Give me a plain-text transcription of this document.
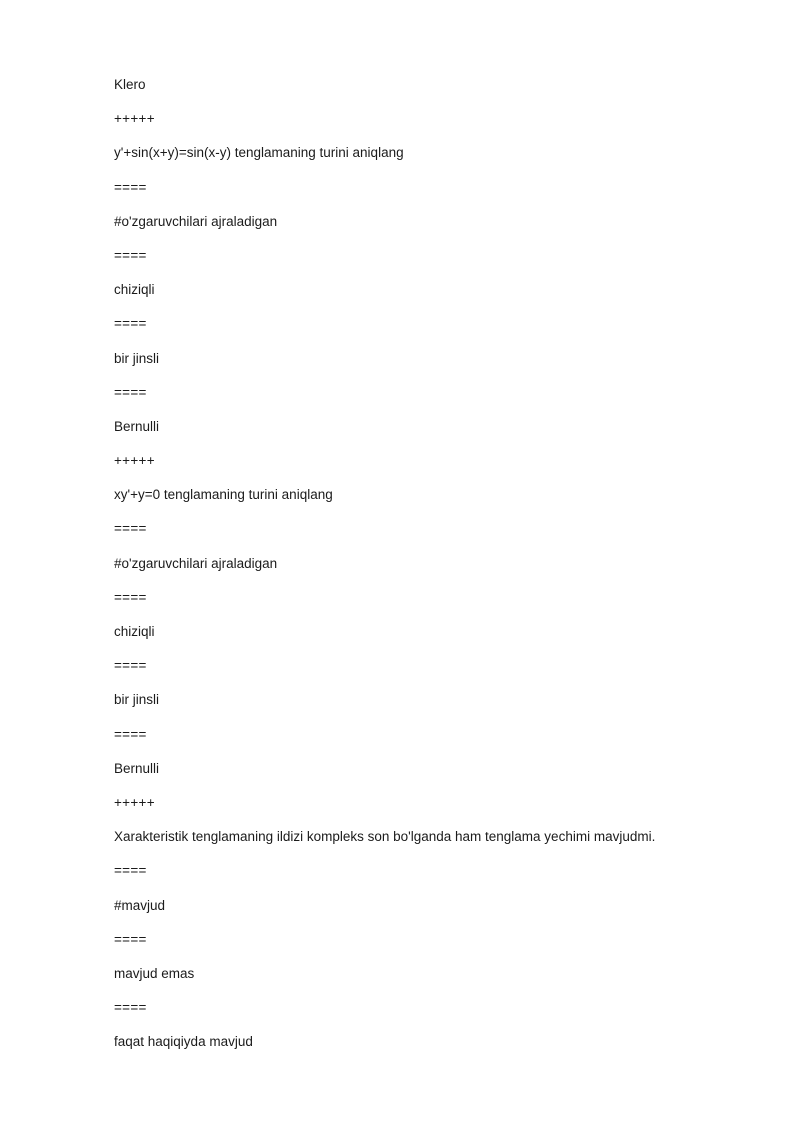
Klero
+++++
y'+sin(x+y)=sin(x-y) tenglamaning turini aniqlang
====
#o'zgaruvchilari ajraladigan
====
chiziqli
====
bir jinsli
====
Bernulli
+++++
xy'+y=0 tenglamaning turini aniqlang
====
#o'zgaruvchilari ajraladigan
====
chiziqli
====
bir jinsli
====
Bernulli
+++++
Xarakteristik tenglamaning ildizi kompleks son bo'lganda ham tenglama yechimi mavjudmi.
====
#mavjud
====
mavjud emas
====
faqat haqiqiyda mavjud
